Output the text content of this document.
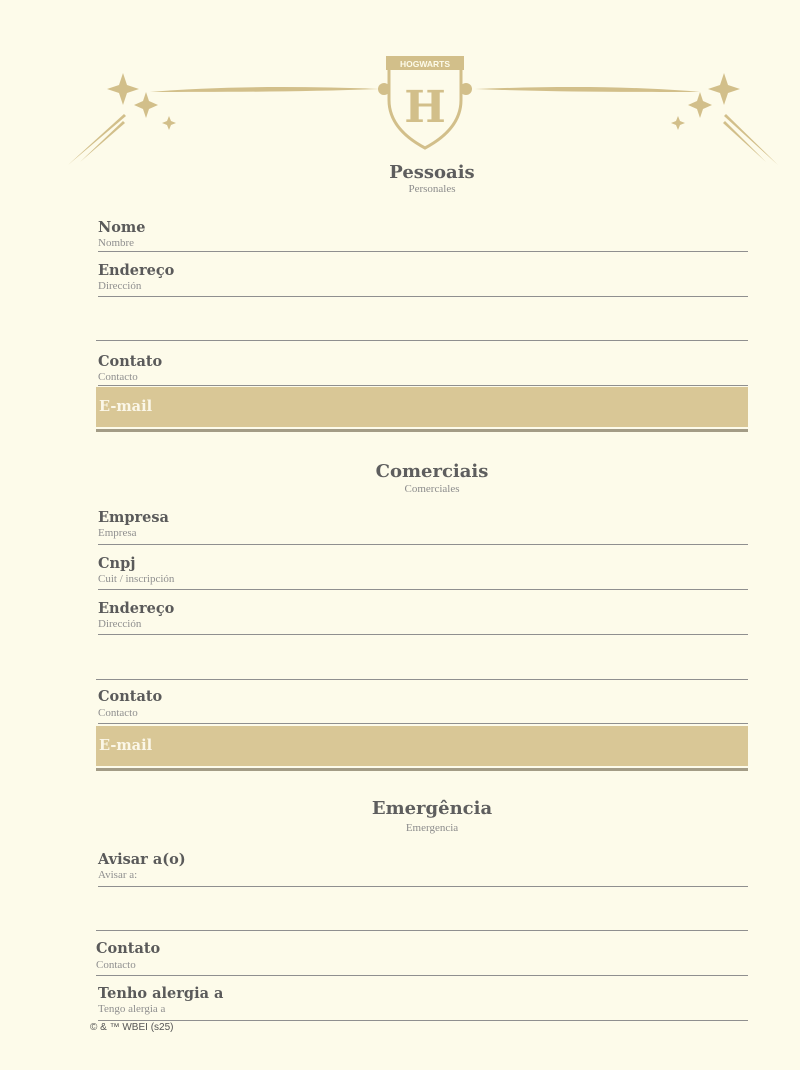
HOGWARTS
H
Pessoais
Personales
Nome
Nombre
Endereço
Dirección
Contato
Contacto
E-mail
Comerciais
Comerciales
Empresa
Empresa
Cnpj
Cuit / inscripción
Endereço
Dirección
Contato
Contacto
E-mail
Emergência
Emergencia
Avisar a(o)
Avisar a:
Contato
Contacto
Tenho alergia a
Tengo alergia a
© & ™ WBEI (s25)
